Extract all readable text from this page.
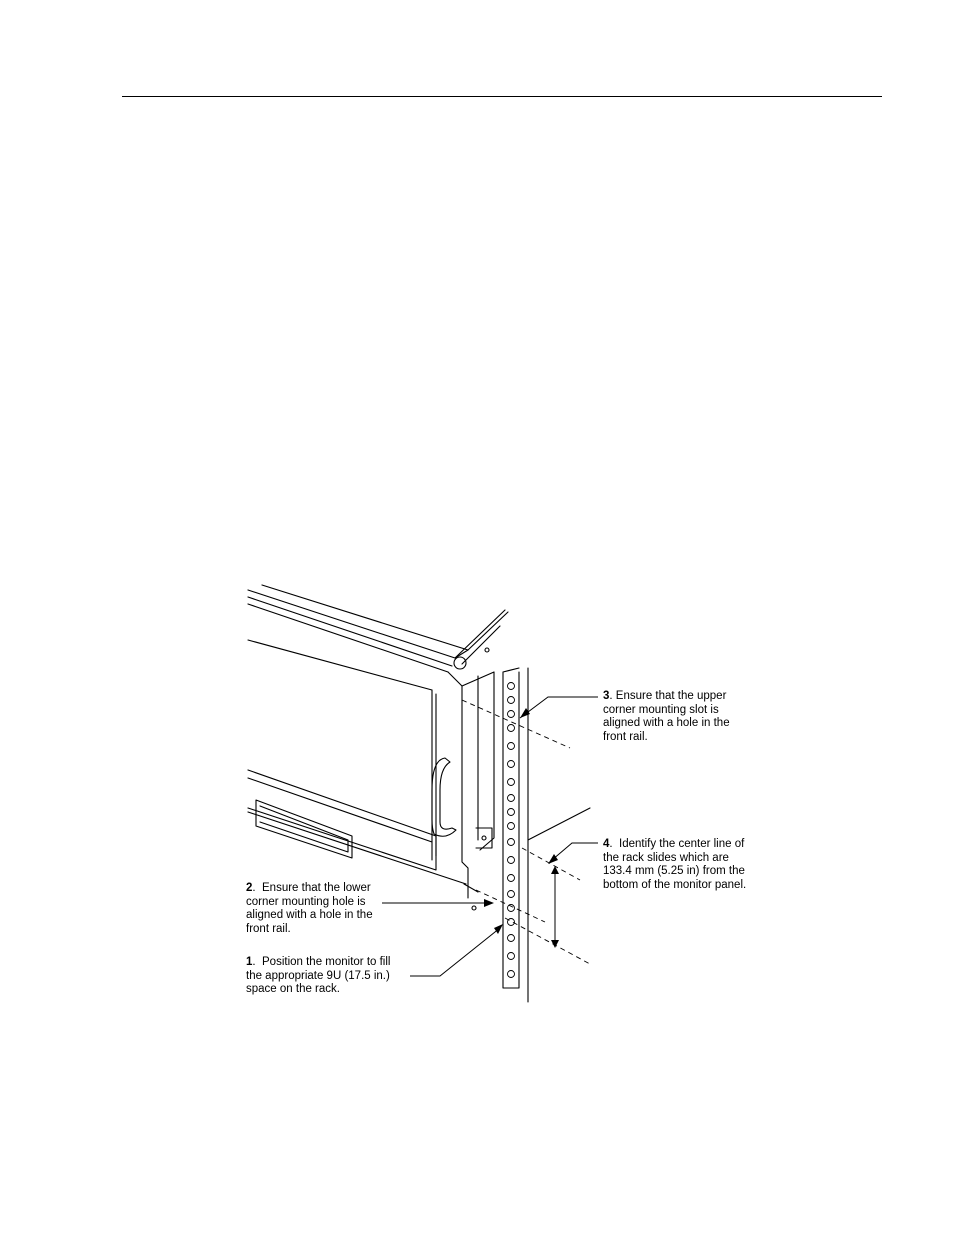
3. Ensure that the upper
corner mounting slot is
aligned with a hole in the
front rail.
4.  Identify the center line of
the rack slides which are
133.4 mm (5.25 in) from the
bottom of the monitor panel.
2.  Ensure that the lower
corner mounting hole is
aligned with a hole in the
front rail.
1.  Position the monitor to fill
the appropriate 9U (17.5 in.)
space on the rack.
